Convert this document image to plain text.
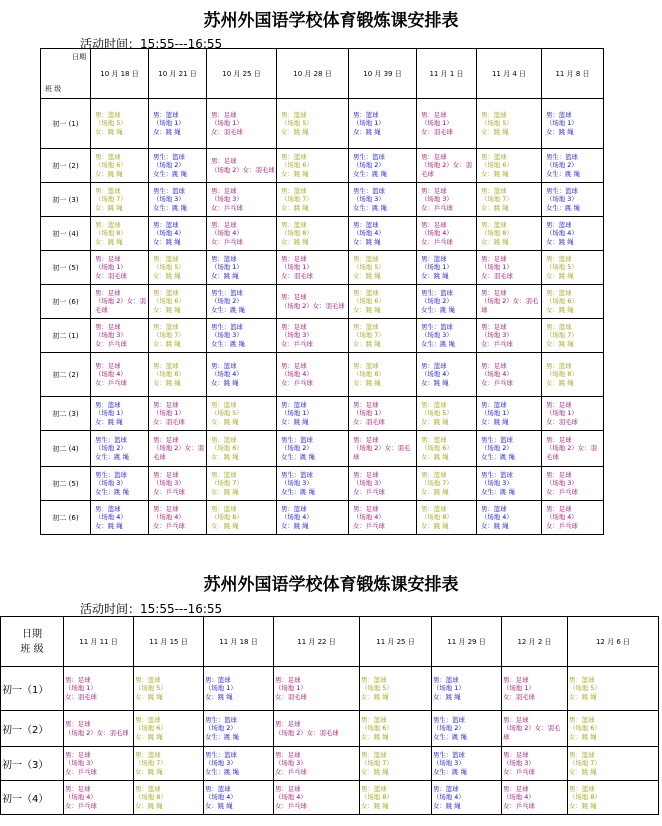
苏州外国语学校体育锻炼课安排表
活动时间：15:55---16:55
日期
班 级	10 月 18 日	10 月 21 日	10 月 25 日	10 月 28 日	10 月 39 日	11 月 1 日	11 月 4 日	11 月 8 日
初一 (1)	男：篮球
（场地 5）
女：跳 绳	男：篮球
（场地 1）
女：跳 绳	男：足球
（场地 1）
女：羽毛球	男：篮球
（场地 5）
女：跳 绳	男：篮球
（场地 1）
女：跳 绳	男：足球
（场地 1）
女：羽毛球	男：篮球
（场地 5）
女：跳 绳	男：篮球
（场地 1）
女：跳 绳
初一 (2)	男：篮球
（场地 6）
女：跳 绳	男生：篮球
（场地 2）
女生：跳 绳	男：足球
（场地 2）女：羽毛球	男：篮球
（场地 6）
女：跳 绳	男生：篮球
（场地 2）
女生：跳 绳	男：足球
（场地 2）女：羽毛球	男：篮球
（场地 6）
女：跳 绳	男生：篮球
（场地 2）
女生：跳 绳
初一 (3)	男：篮球
（场地 7）
女：跳 绳	男生：篮球
（场地 3）
女生：跳 绳	男：足球
（场地 3）
女：乒乓球	男：篮球
（场地 7）
女：跳 绳	男生：篮球
（场地 3）
女生：跳 绳	男：足球
（场地 3）
女：乒乓球	男：篮球
（场地 7）
女：跳 绳	男生：篮球
（场地 3）
女生：跳 绳
初一 (4)	男：篮球
（场地 8）
女：跳 绳	男：篮球
（场地 4）
女：跳 绳	男：足球
（场地 4）
女：乒乓球	男：篮球
（场地 8）
女：跳 绳	男：篮球
（场地 4）
女：跳 绳	男：足球
（场地 4）
女：乒乓球	男：篮球
（场地 8）
女：跳 绳	男：篮球
（场地 4）
女：跳 绳
初一 (5)	男：足球
（场地 1）
女：羽毛球	男：篮球
（场地 5）
女：跳 绳	男：篮球
（场地 1）
女：跳 绳	男：足球
（场地 1）
女：羽毛球	男：篮球
（场地 5）
女：跳 绳	男：篮球
（场地 1）
女：跳 绳	男：足球
（场地 1）
女：羽毛球	男：篮球
（场地 5）
女：跳 绳
初一 (6)	男：足球
（场地 2）女：羽毛球	男：篮球
（场地 6）
女：跳 绳	男生：篮球
（场地 2）
女生：跳 绳	男：足球
（场地 2）女：羽毛球	男：篮球
（场地 6）
女：跳 绳	男生：篮球
（场地 2）
女生：跳 绳	男：足球
（场地 2）女：羽毛球	男：篮球
（场地 6）
女：跳 绳
初二 (1)	男：足球
（场地 3）
女：乒乓球	男：篮球
（场地 7）
女：跳 绳	男生：篮球
（场地 3）
女生：跳 绳	男：足球
（场地 3）
女：乒乓球	男：篮球
（场地 7）
女：跳 绳	男生：篮球
（场地 3）
女生：跳 绳	男：足球
（场地 3）
女：乒乓球	男：篮球
（场地 7）
女：跳 绳
初二 (2)	男：足球
（场地 4）
女：乒乓球	男：篮球
（场地 8）
女：跳 绳	男：篮球
（场地 4）
女：跳 绳	男：足球
（场地 4）
女：乒乓球	男：篮球
（场地 8）
女：跳 绳	男：篮球
（场地 4）
女：跳 绳	男：足球
（场地 4）
女：乒乓球	男：篮球
（场地 8）
女：跳 绳
初二 (3)	男：篮球
（场地 1）
女：跳 绳	男：足球
（场地 1）
女：羽毛球	男：篮球
（场地 5）
女：跳 绳	男：篮球
（场地 1）
女：跳 绳	男：足球
（场地 1）
女：羽毛球	男：篮球
（场地 5）
女：跳 绳	男：篮球
（场地 1）
女：跳 绳	男：足球
（场地 1）
女：羽毛球
初二 (4)	男生：篮球
（场地 2）
女生：跳 绳	男：足球
（场地 2）女：羽毛球	男：篮球
（场地 6）
女：跳 绳	男生：篮球
（场地 2）
女生：跳 绳	男：足球
（场地 2）女：羽毛球	男：篮球
（场地 6）
女：跳 绳	男生：篮球
（场地 2）
女生：跳 绳	男：足球
（场地 2）女：羽毛球
初二 (5)	男生：篮球
（场地 3）
女生：跳 绳	男：足球
（场地 3）
女：乒乓球	男：篮球
（场地 7）
女：跳 绳	男生：篮球
（场地 3）
女生：跳 绳	男：足球
（场地 3）
女：乒乓球	男：篮球
（场地 7）
女：跳 绳	男生：篮球
（场地 3）
女生：跳 绳	男：足球
（场地 3）
女：乒乓球
初二 (6)	男：篮球
（场地 4）
女：跳 绳	男：足球
（场地 4）
女：乒乓球	男：篮球
（场地 8）
女：跳 绳	男：篮球
（场地 4）
女：跳 绳	男：足球
（场地 4）
女：乒乓球	男：篮球
（场地 8）
女：跳 绳	男：篮球
（场地 4）
女：跳 绳	男：足球
（场地 4）
女：乒乓球
苏州外国语学校体育锻炼课安排表
活动时间：15:55---16:55
日期
班 级	11 月 11 日	11 月 15 日	11 月 18 日	11 月 22 日	11 月 25 日	11 月 29 日	12 月 2 日	12 月 6 日
初一（1）	男：足球
（场地 1）
女：羽毛球	男：篮球
（场地 5）
女：跳 绳	男：篮球
（场地 1）
女：跳 绳	男：足球
（场地 1）
女：羽毛球	男：篮球
（场地 5）
女：跳 绳	男：篮球
（场地 1）
女：跳 绳	男：足球
（场地 1）
女：羽毛球	男：篮球
（场地 5）
女：跳 绳
初一（2）	男：足球
（场地 2）女：羽毛球	男：篮球
（场地 6）
女：跳 绳	男生：篮球
（场地 2）
女生：跳 绳	男：足球
（场地 2）女：羽毛球	男：篮球
（场地 6）
女：跳 绳	男生：篮球
（场地 2）
女生：跳 绳	男：足球
（场地 2）女：羽毛球	男：篮球
（场地 6）
女：跳 绳
初一（3）	男：足球
（场地 3）
女：乒乓球	男：篮球
（场地 7）
女：跳 绳	男生：篮球
（场地 3）
女生：跳 绳	男：足球
（场地 3）
女：乒乓球	男：篮球
（场地 7）
女：跳 绳	男生：篮球
（场地 3）
女生：跳 绳	男：足球
（场地 3）
女：乒乓球	男：篮球
（场地 7）
女：跳 绳
初一（4）	男：足球
（场地 4）
女：乒乓球	男：篮球
（场地 8）
女：跳 绳	男：篮球
（场地 4）
女：跳 绳	男：足球
（场地 4）
女：乒乓球	男：篮球
（场地 8）
女：跳 绳	男：篮球
（场地 4）
女：跳 绳	男：足球
（场地 4）
女：乒乓球	男：篮球
（场地 8）
女：跳 绳
